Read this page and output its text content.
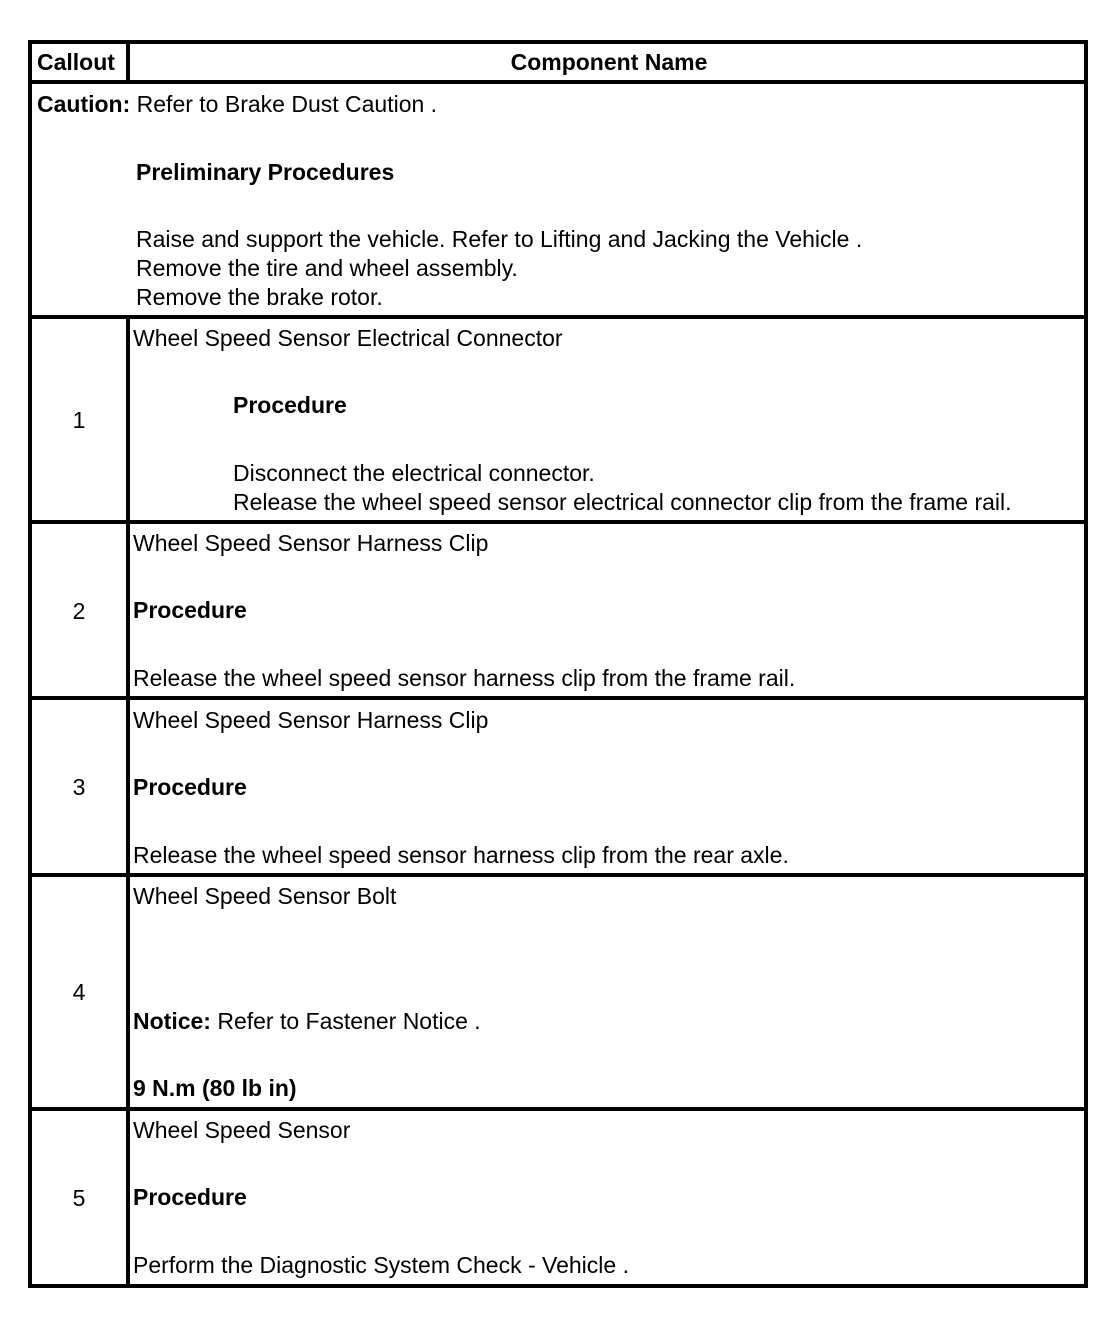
Callout	Component Name
Caution: Refer to Brake Dust Caution .
Preliminary Procedures
Raise and support the vehicle. Refer to Lifting and Jacking the Vehicle .
Remove the tire and wheel assembly.
Remove the brake rotor.
1
Wheel Speed Sensor Electrical Connector
Procedure
Disconnect the electrical connector.
Release the wheel speed sensor electrical connector clip from the frame rail.
2
Wheel Speed Sensor Harness Clip
Procedure
Release the wheel speed sensor harness clip from the frame rail.
3
Wheel Speed Sensor Harness Clip
Procedure
Release the wheel speed sensor harness clip from the rear axle.
4
Wheel Speed Sensor Bolt
Notice: Refer to Fastener Notice .
9 N.m (80 lb in)
5
Wheel Speed Sensor
Procedure
Perform the Diagnostic System Check - Vehicle .
